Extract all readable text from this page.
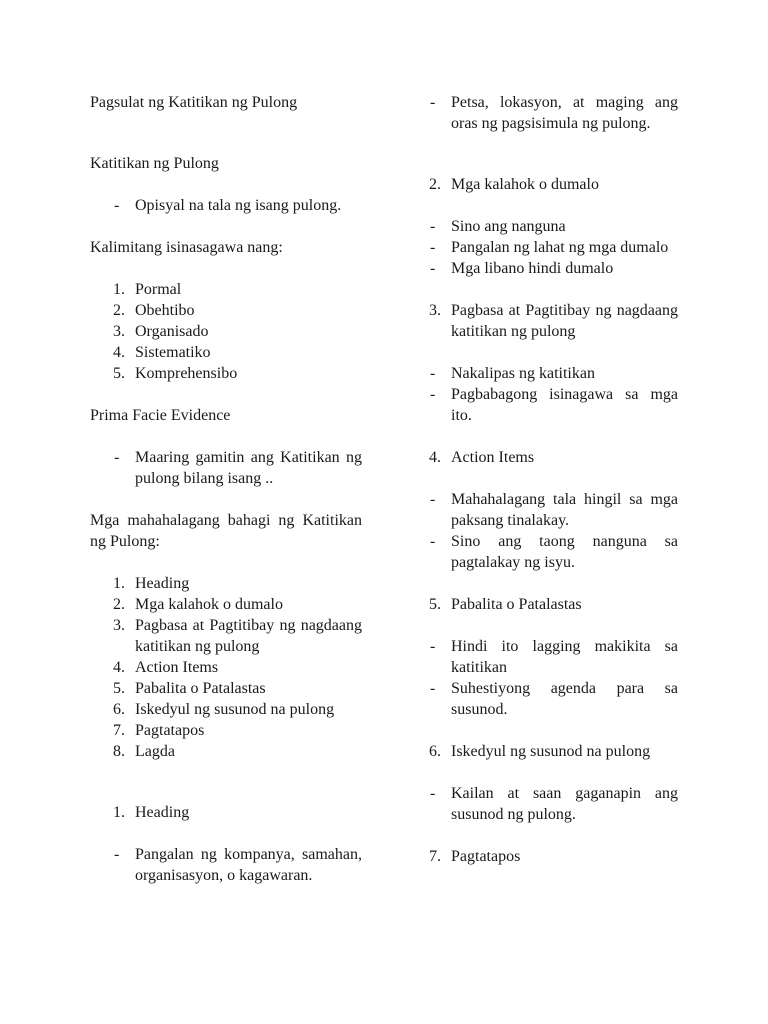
Pagsulat ng Katitikan ng Pulong

Katitikan ng Pulong

- Opisyal na tala ng isang pulong.

Kalimitang isinasagawa nang:

1. Pormal
2. Obehtibo
3. Organisado
4. Sistematiko
5. Komprehensibo

Prima Facie Evidence

- Maaring gamitin ang Katitikan ng pulong bilang isang ..

Mga mahahalagang bahagi ng Katitikan ng Pulong:

1. Heading
2. Mga kalahok o dumalo
3. Pagbasa at Pagtitibay ng nagdaang katitikan ng pulong
4. Action Items
5. Pabalita o Patalastas
6. Iskedyul ng susunod na pulong
7. Pagtatapos
8. Lagda
1. Heading
- Pangalan ng kompanya, samahan, organisasyon, o kagawaran.
- Petsa, lokasyon, at maging ang oras ng pagsisimula ng pulong.
2. Mga kalahok o dumalo
- Sino ang nanguna
- Pangalan ng lahat ng mga dumalo
- Mga libano hindi dumalo
3. Pagbasa at Pagtitibay ng nagdaang katitikan ng pulong
- Nakalipas ng katitikan
- Pagbabagong isinagawa sa mga ito.
4. Action Items
- Mahahalagang tala hingil sa mga paksang tinalakay.
- Sino ang taong nanguna sa pagtalakay ng isyu.
5. Pabalita o Patalastas
- Hindi ito lagging makikita sa katitikan
- Suhestiyong agenda para sa susunod.
6. Iskedyul ng susunod na pulong
- Kailan at saan gaganapin ang susunod ng pulong.
7. Pagtatapos
